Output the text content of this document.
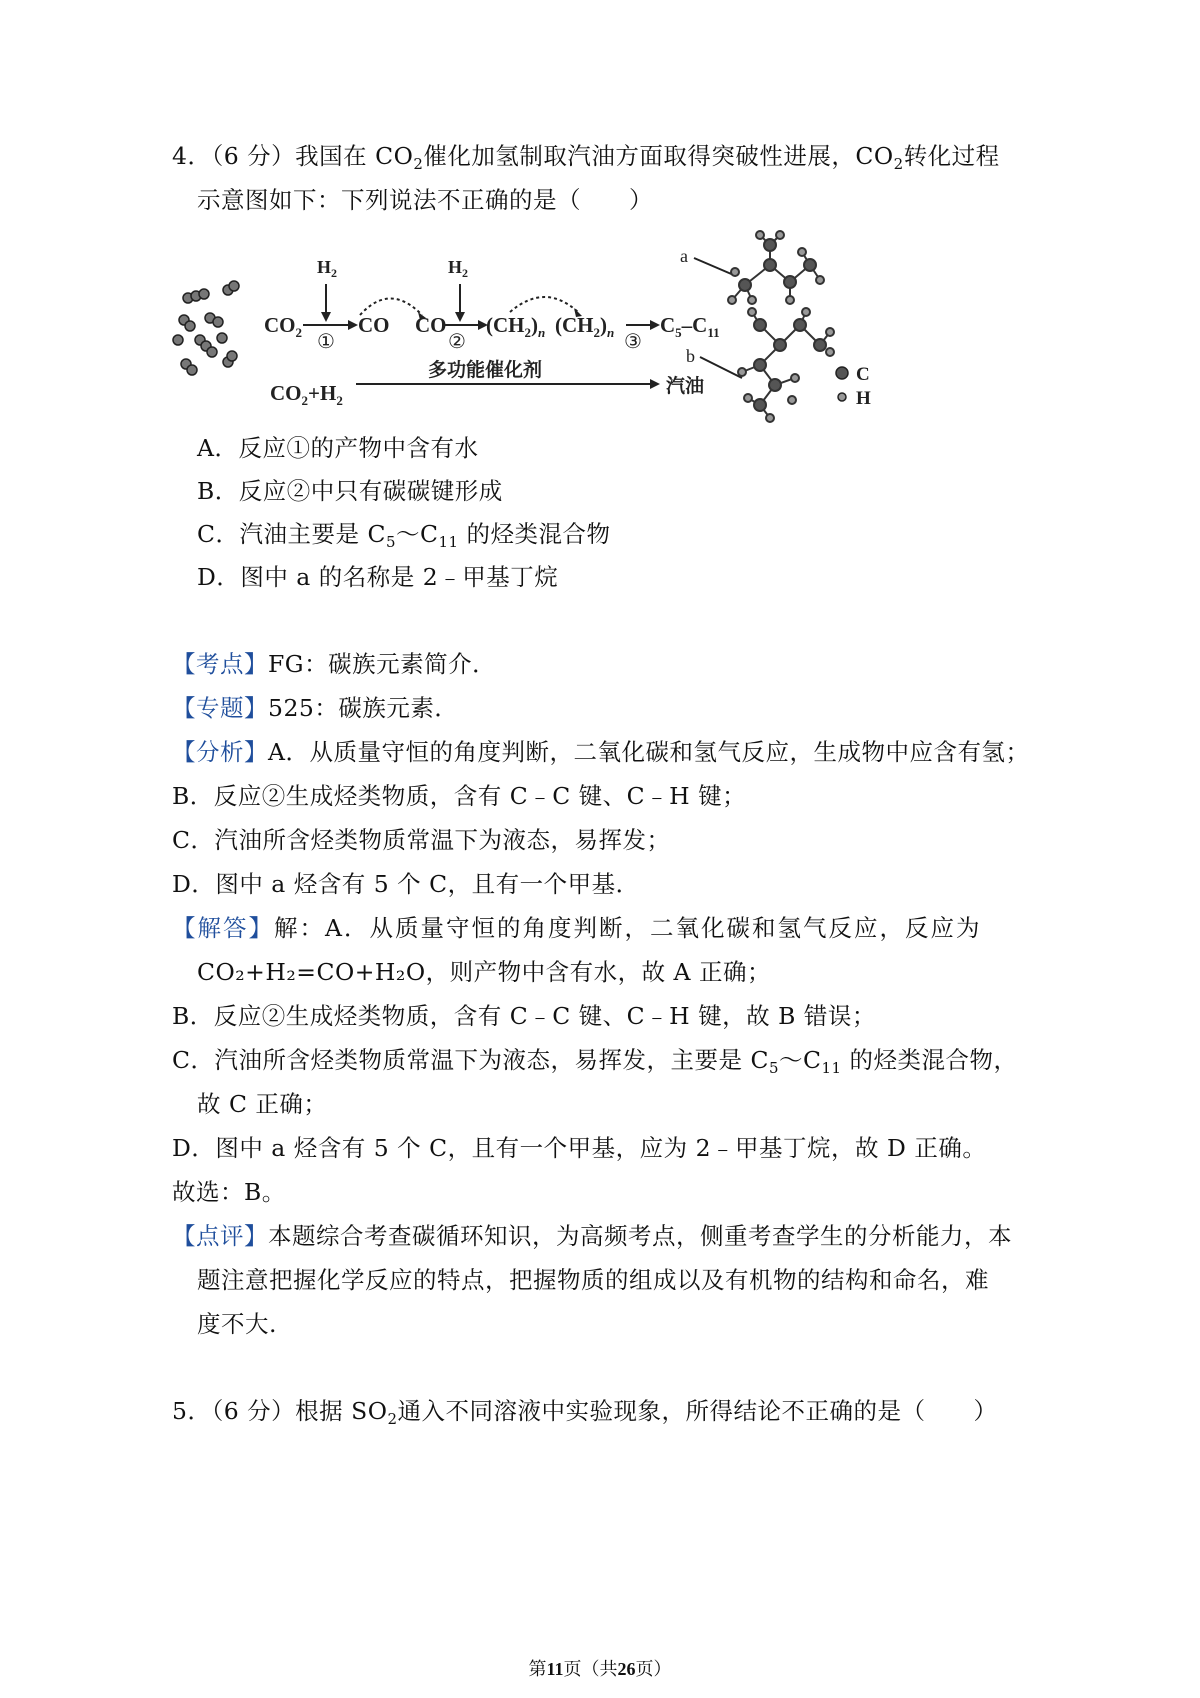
4．（6 分）我国在 $CO_2$催化加氢制取汽油方面取得突破性进展，$CO_2$转化过程
示意图如下：下列说法不正确的是（　　）
$CO_2$
$H_2$
①
CO CO
$H_2$
②
$(CH_2)_n$ $(CH_2)_n$ ③
$C_5-C_{11}$
$CO_2+H_2$
多功能催化剂
汽油
a
b
C
H
A．反应①的产物中含有水
B．反应②中只有碳碳键形成
C．汽油主要是 $C_5\sim C_{11}$ 的烃类混合物
D．图中 a 的名称是 2﹣甲基丁烷
【考点】FG：碳族元素简介．
【专题】525：碳族元素．
【分析】A．从质量守恒的角度判断，二氧化碳和氢气反应，生成物中应含有氢；
B．反应②生成烃类物质，含有 C﹣C 键、C﹣H 键；
C．汽油所含烃类物质常温下为液态，易挥发；
D．图中 a 烃含有 5 个 C，且有一个甲基．
【解答】解：A．从质量守恒的角度判断，二氧化碳和氢气反应，反应为
CO₂+H₂=CO+H₂O，则产物中含有水，故 A 正确；
B．反应②生成烃类物质，含有 C﹣C 键、C﹣H 键，故 B 错误；
C．汽油所含烃类物质常温下为液态，易挥发，主要是 $C_5\sim C_{11}$ 的烃类混合物，
故 C 正确；
D．图中 a 烃含有 5 个 C，且有一个甲基，应为 2﹣甲基丁烷，故 D 正确。
故选：B。
【点评】本题综合考查碳循环知识，为高频考点，侧重考查学生的分析能力，本
题注意把握化学反应的特点，把握物质的组成以及有机物的结构和命名，难
度不大.
5．（6 分）根据 $SO_2$通入不同溶液中实验现象，所得结论不正确的是（　　）
第11页（共26页）
